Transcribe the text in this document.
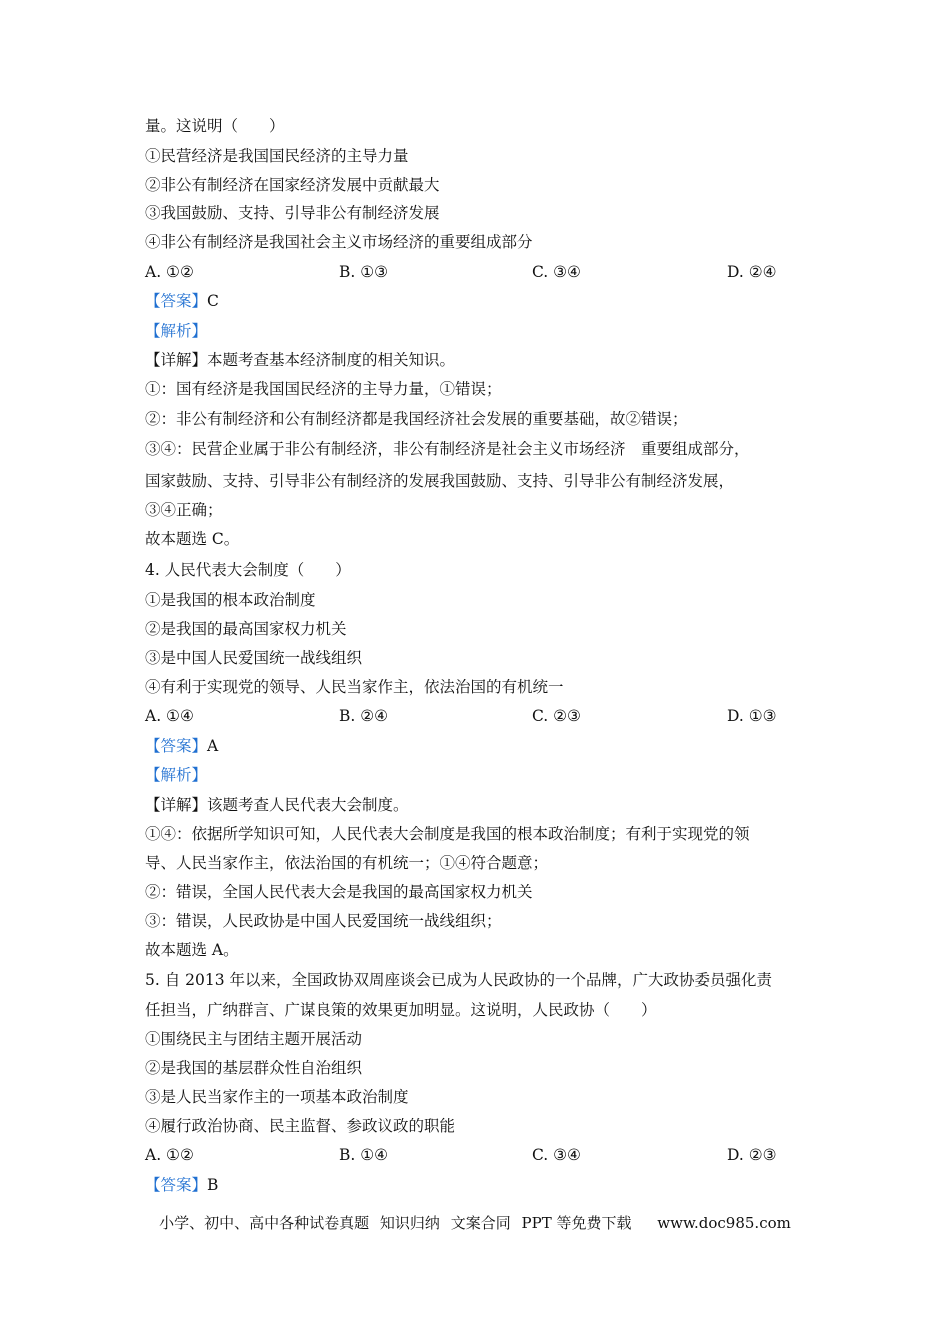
量。这说明（　　）
①民营经济是我国国民经济的主导力量
②非公有制经济在国家经济发展中贡献最大
③我国鼓励、支持、引导非公有制经济发展
④非公有制经济是我国社会主义市场经济的重要组成部分
A. ①②	B. ①③	C. ③④	D. ②④
【答案】C
【解析】
【详解】本题考查基本经济制度的相关知识。
①：国有经济是我国国民经济的主导力量，①错误；
②：非公有制经济和公有制经济都是我国经济社会发展的重要基础，故②错误；
③④：民营企业属于非公有制经济，非公有制经济是社会主义市场经济　重要组成部分，
国家鼓励、支持、引导非公有制经济的发展我国鼓励、支持、引导非公有制经济发展，
③④正确；
故本题选 C。
4. 人民代表大会制度（　　）
①是我国的根本政治制度
②是我国的最高国家权力机关
③是中国人民爱国统一战线组织
④有利于实现党的领导、人民当家作主，依法治国的有机统一
A. ①④	B. ②④	C. ②③	D. ①③
【答案】A
【解析】
【详解】该题考查人民代表大会制度。
①④：依据所学知识可知，人民代表大会制度是我国的根本政治制度；有利于实现党的领
导、人民当家作主，依法治国的有机统一；①④符合题意；
②：错误，全国人民代表大会是我国的最高国家权力机关
③：错误，人民政协是中国人民爱国统一战线组织；
故本题选 A。
5. 自 2013 年以来，全国政协双周座谈会已成为人民政协的一个品牌，广大政协委员强化责
任担当，广纳群言、广谋良策的效果更加明显。这说明，人民政协（　　）
①围绕民主与团结主题开展活动
②是我国的基层群众性自治组织
③是人民当家作主的一项基本政治制度
④履行政治协商、民主监督、参政议政的职能
A. ①②	B. ①④	C. ③④	D. ②③
【答案】B
小学、初中、高中各种试卷真题 知识归纳 文案合同 PPT 等免费下载 www.doc985.com
